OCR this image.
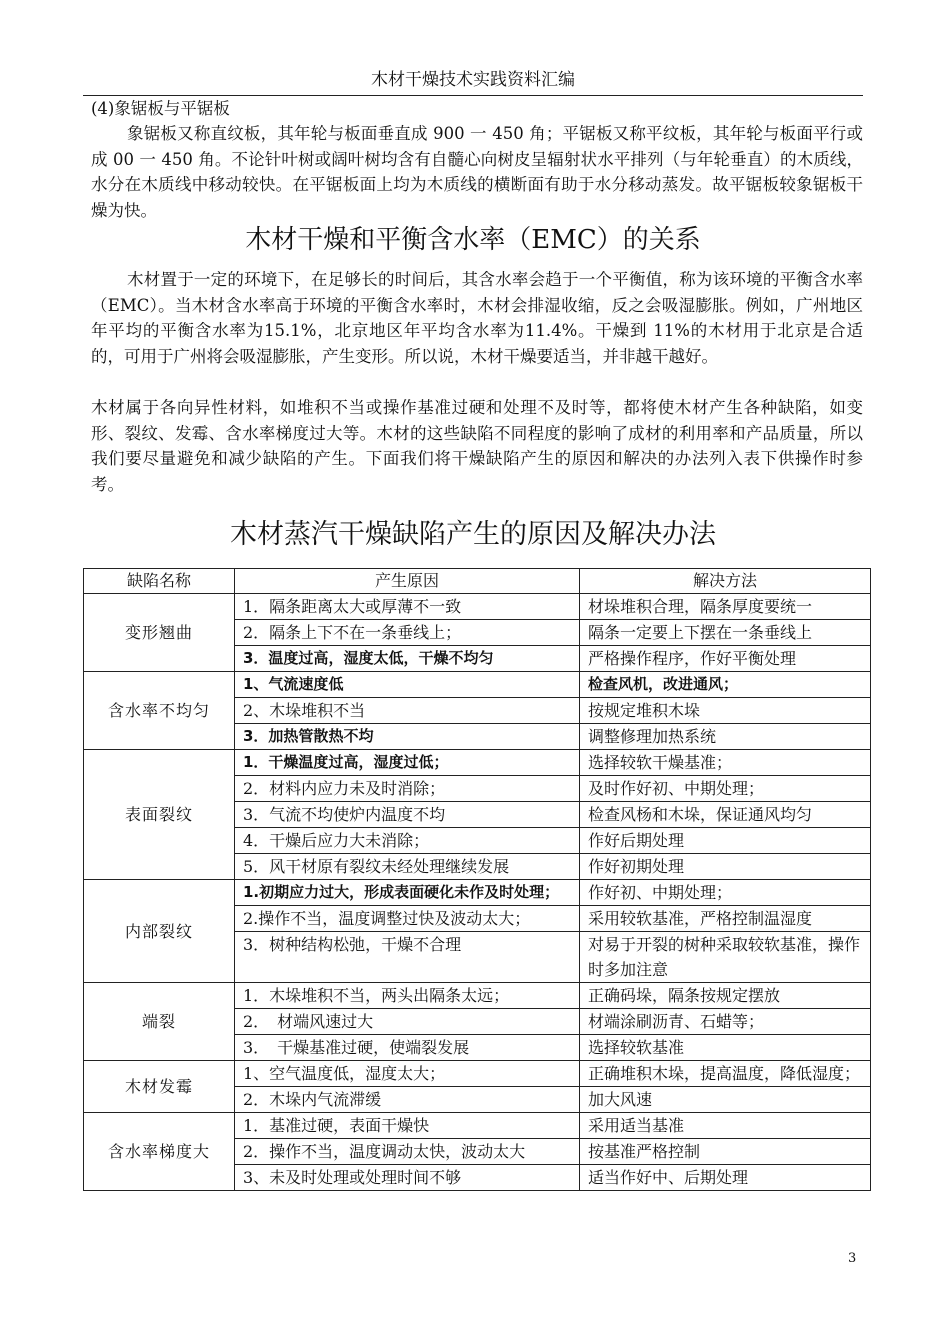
木材干燥技术实践资料汇编

(4)象锯板与平锯板

象锯板又称直纹板，其年轮与板面垂直成 900 一 450 角；平锯板又称平纹板，其年轮与板面平行或成 00 一 450 角。不论针叶树或阔叶树均含有自髓心向树皮呈辐射状水平排列（与年轮垂直）的木质线，水分在木质线中移动较快。在平锯板面上均为木质线的横断面有助于水分移动蒸发。故平锯板较象锯板干燥为快。

木材干燥和平衡含水率（EMC）的关系

木材置于一定的环境下，在足够长的时间后，其含水率会趋于一个平衡值，称为该环境的平衡含水率（EMC）。当木材含水率高于环境的平衡含水率时，木材会排湿收缩，反之会吸湿膨胀。例如，广州地区年平均的平衡含水率为15.1%，北京地区年平均含水率为11.4%。干燥到 11%的木材用于北京是合适的，可用于广州将会吸湿膨胀，产生变形。所以说，木材干燥要适当，并非越干越好。

木材属于各向异性材料，如堆积不当或操作基准过硬和处理不及时等，都将使木材产生各种缺陷，如变形、裂纹、发霉、含水率梯度过大等。木材的这些缺陷不同程度的影响了成材的利用率和产品质量，所以我们要尽量避免和减少缺陷的产生。下面我们将干燥缺陷产生的原因和解决的办法列入表下供操作时参考。

木材蒸汽干燥缺陷产生的原因及解决办法
缺陷名称	产生原因	解决方法
变形翘曲	1．隔条距离太大或厚薄不一致	材垛堆积合理，隔条厚度要统一
	2．隔条上下不在一条垂线上；	隔条一定要上下摆在一条垂线上
	3．温度过高，湿度太低，干燥不均匀	严格操作程序，作好平衡处理
含水率不均匀	1、气流速度低	检查风机，改进通风；
	2、木垛堆积不当	按规定堆积木垛
	3．加热管散热不均	调整修理加热系统
表面裂纹	1．干燥温度过高，湿度过低；	选择较软干燥基准；
	2．材料内应力未及时消除；	及时作好初、中期处理；
	3．气流不均使炉内温度不均	检查风杨和木垛，保证通风均匀
	4．干燥后应力大未消除；	作好后期处理
	5．风干材原有裂纹未经处理继续发展	作好初期处理
内部裂纹	1.初期应力过大，形成表面硬化未作及时处理；	作好初、中期处理；
	2.操作不当，温度调整过快及波动太大；	采用较软基准，严格控制温湿度
	3．树种结构松弛，干燥不合理	对易于开裂的树种采取较软基准，操作时多加注意
端裂	1．木垛堆积不当，两头出隔条太远；	正确码垛，隔条按规定摆放
	2．　材端风速过大	材端涂刷沥青、石蜡等；
	3．　干燥基准过硬，使端裂发展	选择较软基准
木材发霉	1、空气温度低，湿度太大；	正确堆积木垛，提高温度，降低湿度；
	2．木垛内气流滞缓	加大风速
含水率梯度大	1．基准过硬，表面干燥快	采用适当基准
	2．操作不当，温度调动太快，波动太大	按基准严格控制
	3、未及时处理或处理时间不够	适当作好中、后期处理
3
